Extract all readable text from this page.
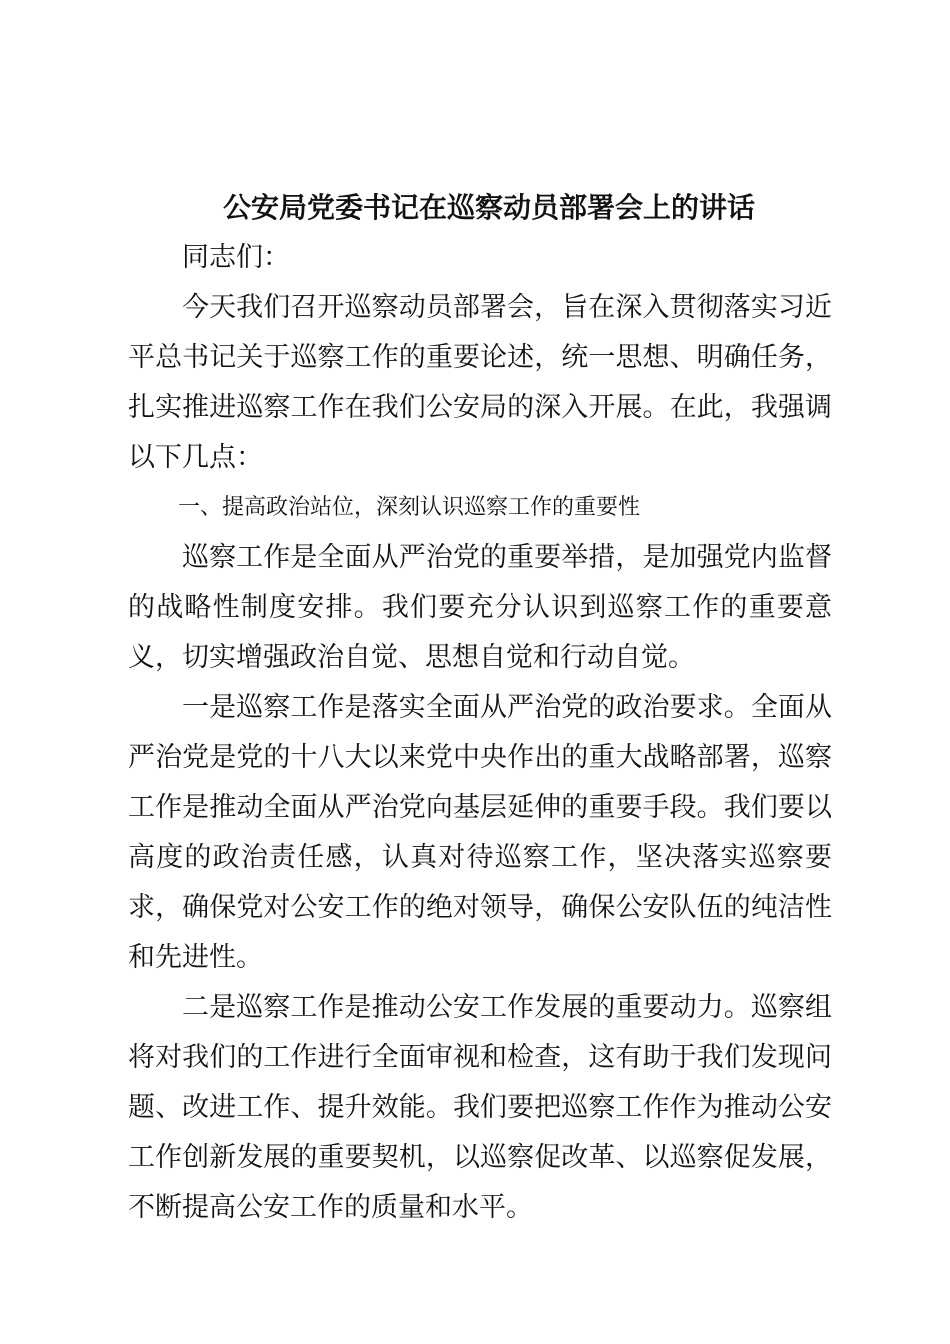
公安局党委书记在巡察动员部署会上的讲话

同志们：

今天我们召开巡察动员部署会，旨在深入贯彻落实习近平总书记关于巡察工作的重要论述，统一思想、明确任务，扎实推进巡察工作在我们公安局的深入开展。在此，我强调以下几点：

一、提高政治站位，深刻认识巡察工作的重要性

巡察工作是全面从严治党的重要举措，是加强党内监督的战略性制度安排。我们要充分认识到巡察工作的重要意义，切实增强政治自觉、思想自觉和行动自觉。

一是巡察工作是落实全面从严治党的政治要求。全面从严治党是党的十八大以来党中央作出的重大战略部署，巡察工作是推动全面从严治党向基层延伸的重要手段。我们要以高度的政治责任感，认真对待巡察工作，坚决落实巡察要求，确保党对公安工作的绝对领导，确保公安队伍的纯洁性和先进性。

二是巡察工作是推动公安工作发展的重要动力。巡察组将对我们的工作进行全面审视和检查，这有助于我们发现问题、改进工作、提升效能。我们要把巡察工作作为推动公安工作创新发展的重要契机，以巡察促改革、以巡察促发展，不断提高公安工作的质量和水平。
